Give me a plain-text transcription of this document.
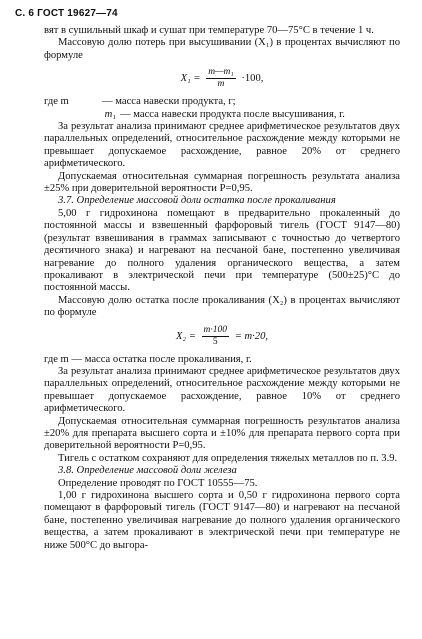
С. 6 ГОСТ 19627—74

вят в сушильный шкаф и сушат при температуре 70—75°С в течение 1 ч.

Массовую долю потерь при высушивании (X₁) в процентах вычисляют по формуле

$X_1 = \frac{\text{m—m₁}}{m} \cdot 100$,
где m	— масса навески продукта, г;
m₁ — масса навески продукта после высушивания, г.

За результат анализа принимают среднее арифметическое результатов двух параллельных определений, относительное расхождение между которыми не превышает допускаемое расхождение, равное 20% от среднего арифметического.

Допускаемая относительная суммарная погрешность результата анализа ±25% при доверительной вероятности P=0,95.

3.7. Определение массовой доли остатка после прокаливания

5,00 г гидрохинона помещают в предварительно прокаленный до постоянной массы и взвешенный фарфоровый тигель (ГОСТ 9147—80) (результат взвешивания в граммах записывают с точностью до четвертого десятичного знака) и нагревают на песчаной бане, постепенно увеличивая нагревание до полного удаления органического вещества, а затем прокаливают в электрической печи при температуре (500±25)°С до постоянной массы.

Массовую долю остатка после прокаливания (X₂) в процентах вычисляют по формуле

$X_2 = \frac{m\cdot 100}{5} = m\cdot 20$,

где m — масса остатка после прокаливания, г.

За результат анализа принимают среднее арифметическое результатов двух параллельных определений, относительное расхождение между которыми не превышает допускаемое расхождение, равное 10% от среднего арифметического.

Допускаемая относительная суммарная погрешность результатов анализа ±20% для препарата высшего сорта и ±10% для препарата первого сорта при доверительной вероятности P=0,95.

Тигель с остатком сохраняют для определения тяжелых металлов по п. 3.9.

3.8. Определение массовой доли железа

Определение проводят по ГОСТ 10555—75.

1,00 г гидрохинона высшего сорта и 0,50 г гидрохинона первого сорта помещают в фарфоровый тигель (ГОСТ 9147—80) и нагревают на песчаной бане, постепенно увеличивая нагревание до полного удаления органического вещества, а затем прокаливают в электрической печи при температуре не ниже 500°С до выгора-
